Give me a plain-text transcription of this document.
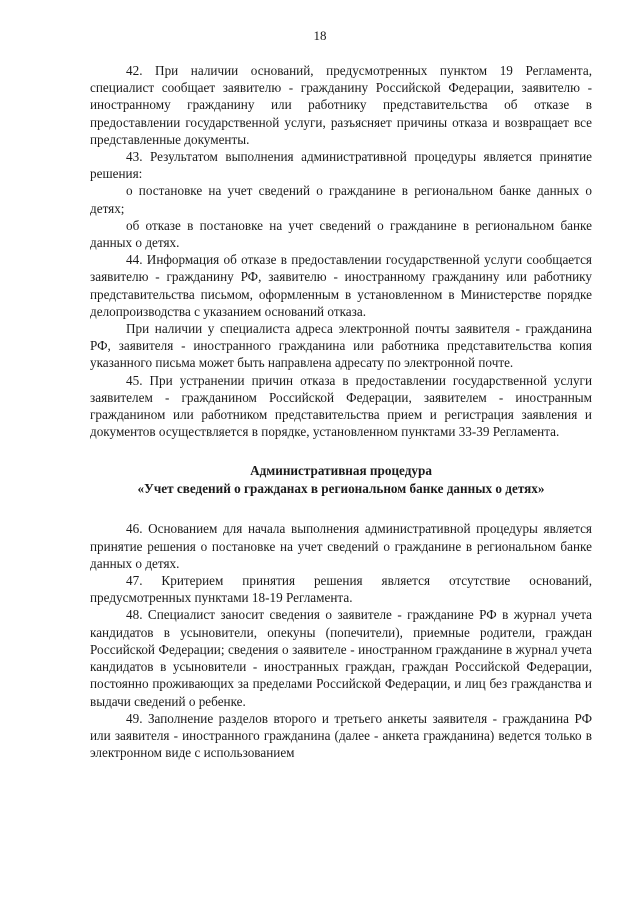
18

42. При наличии оснований, предусмотренных пунктом 19 Регламента, специалист сообщает заявителю - гражданину Российской Федерации, заявителю - иностранному гражданину или работнику представительства об отказе в предоставлении государственной услуги, разъясняет причины отказа и возвращает все представленные документы.

43. Результатом выполнения административной процедуры является принятие решения:

о постановке на учет сведений о гражданине в региональном банке данных о детях;

об отказе в постановке на учет сведений о гражданине в региональном банке данных о детях.

44. Информация об отказе в предоставлении государственной услуги сообщается заявителю - гражданину РФ, заявителю - иностранному гражданину или работнику представительства письмом, оформленным в установленном в Министерстве порядке делопроизводства с указанием оснований отказа.

При наличии у специалиста адреса электронной почты заявителя - гражданина РФ, заявителя - иностранного гражданина или работника представительства копия указанного письма может быть направлена адресату по электронной почте.

45. При устранении причин отказа в предоставлении государственной услуги заявителем - гражданином Российской Федерации, заявителем - иностранным гражданином или работником представительства прием и регистрация заявления и документов осуществляется в порядке, установленном пунктами 33-39 Регламента.

Административная процедура
«Учет сведений о гражданах в региональном банке данных о детях»

46. Основанием для начала выполнения административной процедуры является принятие решения о постановке на учет сведений о гражданине в региональном банке данных о детях.

47. Критерием принятия решения является отсутствие оснований, предусмотренных пунктами 18-19 Регламента.

48. Специалист заносит сведения о заявителе - гражданине РФ в журнал учета кандидатов в усыновители, опекуны (попечители), приемные родители, граждан Российской Федерации; сведения о заявителе - иностранном гражданине в журнал учета кандидатов в усыновители - иностранных граждан, граждан Российской Федерации, постоянно проживающих за пределами Российской Федерации, и лиц без гражданства и выдачи сведений о ребенке.

49. Заполнение разделов второго и третьего анкеты заявителя - гражданина РФ или заявителя - иностранного гражданина (далее - анкета гражданина) ведется только в электронном виде с использованием
